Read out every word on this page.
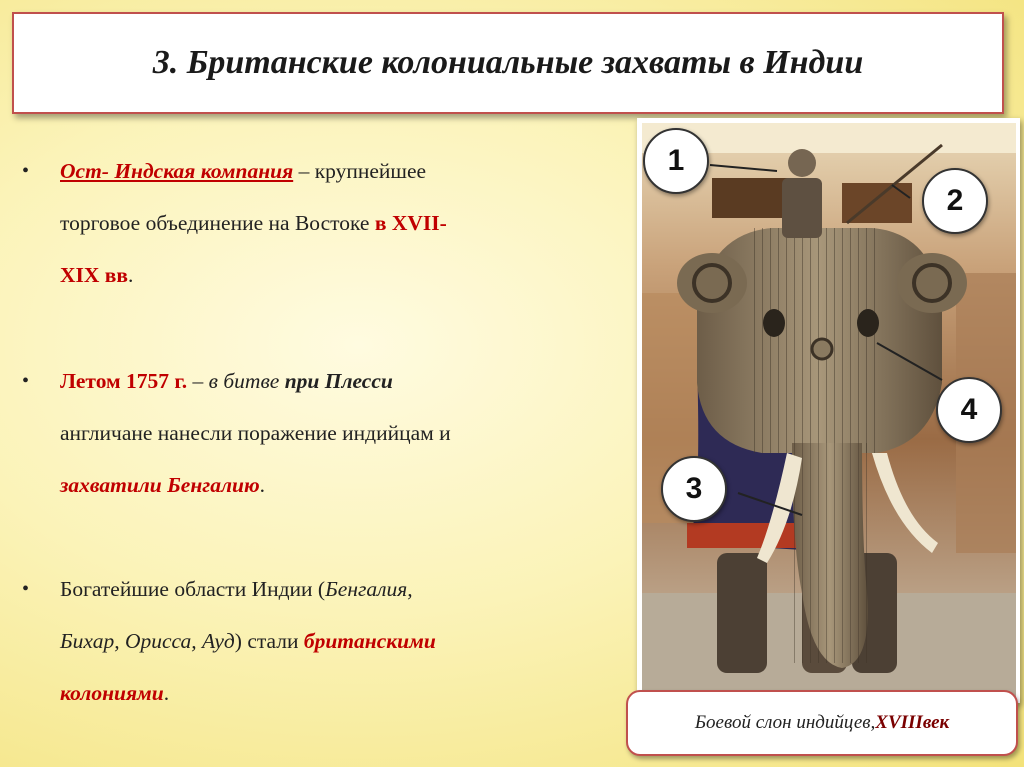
3. Британские колониальные захваты в Индии
• Ост- Индская компания – крупнейшее
торговое объединение на Востоке в XVII-
XIX вв.
• Летом 1757 г. – в битве при Плесси
англичане нанесли поражение индийцам и
захватили Бенгалию.
• Богатейшие области Индии (Бенгалия,
Бихар, Орисса, Ауд) стали британскими
колониями.
1
2
3
4
Боевой слон индийцев, XVIII век
